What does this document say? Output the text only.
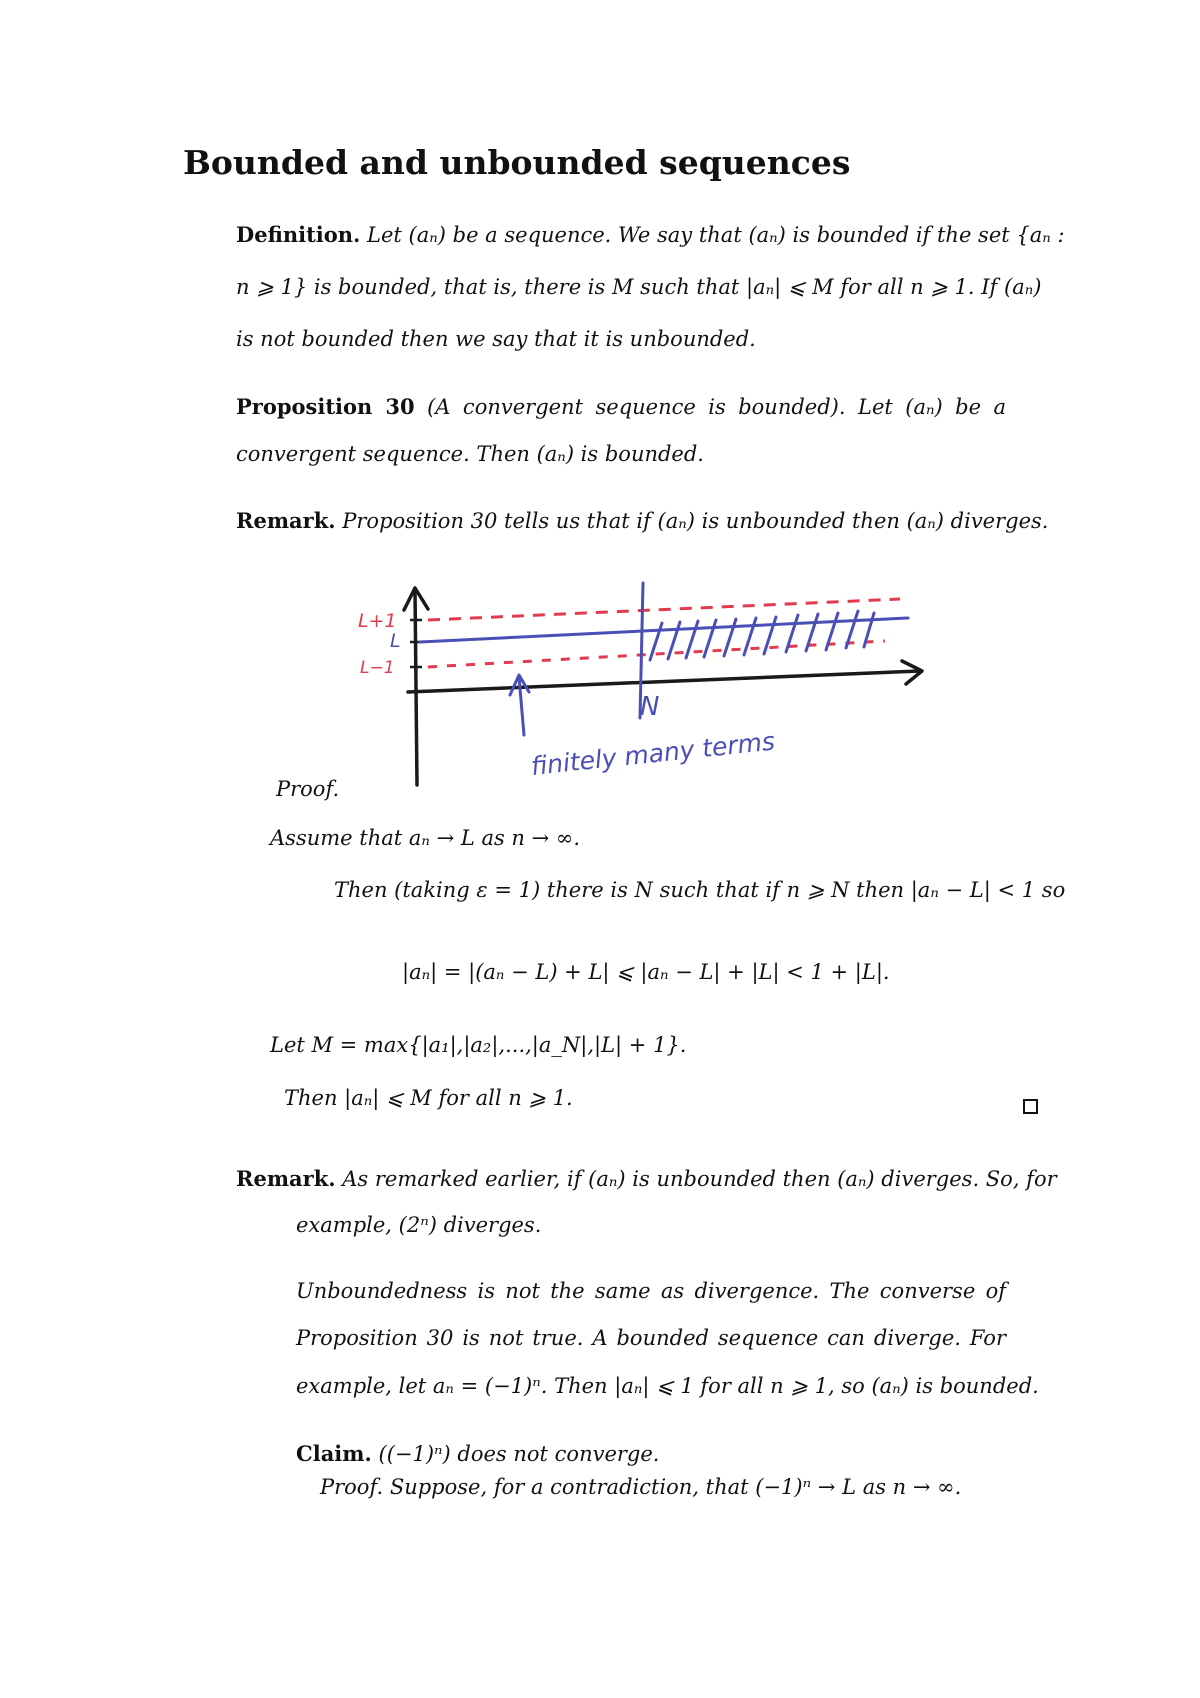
Bounded and unbounded sequences
Definition. Let (aₙ) be a sequence. We say that (aₙ) is bounded if the set {aₙ :
n ⩾ 1} is bounded, that is, there is M such that |aₙ| ⩽ M for all n ⩾ 1. If (aₙ)
is not bounded then we say that it is unbounded.
Proposition 30 (A convergent sequence is bounded). Let (aₙ) be a
convergent sequence. Then (aₙ) is bounded.
Remark. Proposition 30 tells us that if (aₙ) is unbounded then (aₙ) diverges.
L+1
L
L−1
N
finitely many terms
Proof.
Assume that aₙ → L as n → ∞.
Then (taking ε = 1) there is N such that if n ⩾ N then |aₙ − L| < 1 so
|aₙ| = |(aₙ − L) + L| ⩽ |aₙ − L| + |L| < 1 + |L|.
Let M = max{|a₁|,|a₂|,...,|a_N|,|L| + 1}.
Then |aₙ| ⩽ M for all n ⩾ 1.
Remark. As remarked earlier, if (aₙ) is unbounded then (aₙ) diverges. So, for
example, (2ⁿ) diverges.
Unboundedness is not the same as divergence. The converse of
Proposition 30 is not true. A bounded sequence can diverge. For
example, let aₙ = (−1)ⁿ. Then |aₙ| ⩽ 1 for all n ⩾ 1, so (aₙ) is bounded.
Claim. ((−1)ⁿ) does not converge.
Proof. Suppose, for a contradiction, that (−1)ⁿ → L as n → ∞.
